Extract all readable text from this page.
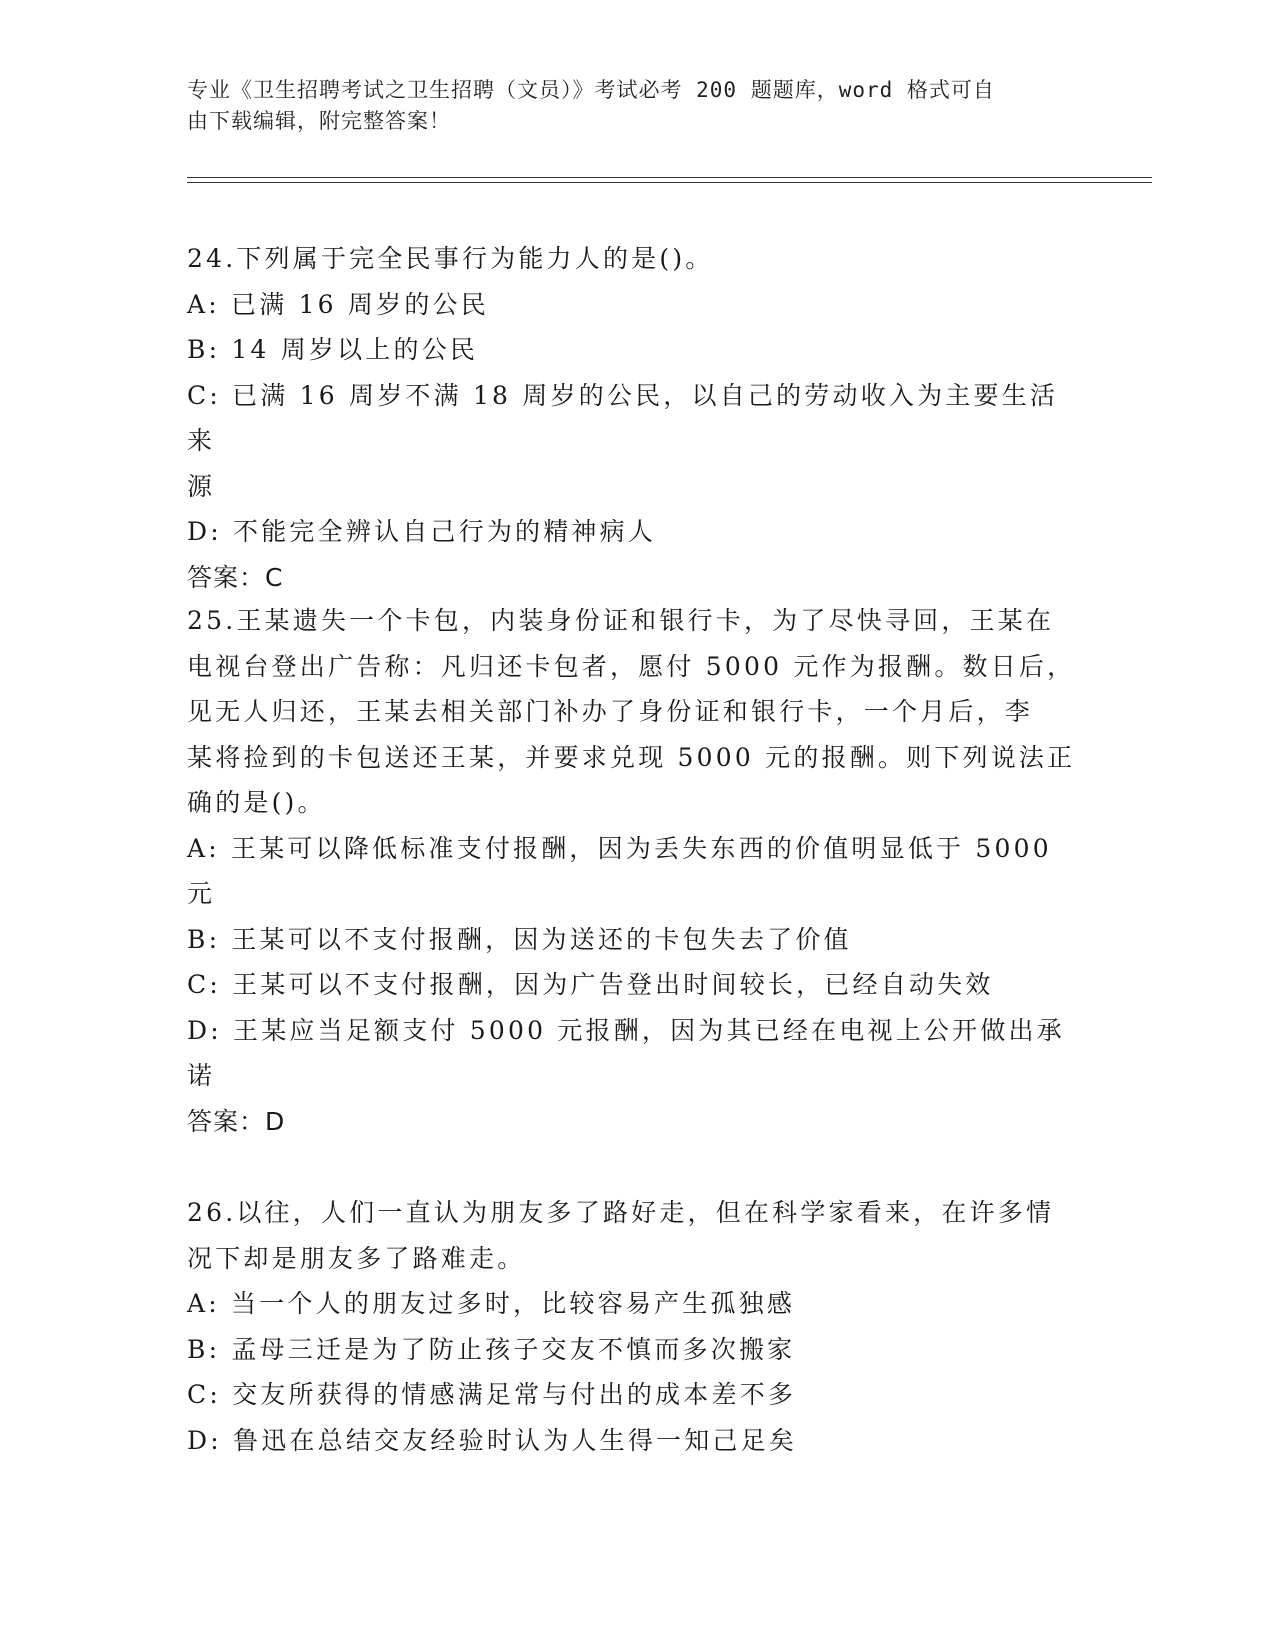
专业《卫生招聘考试之卫生招聘（文员）》考试必考 200 题题库，word 格式可自
由下载编辑，附完整答案！
24.下列属于完全民事行为能力人的是()。
A: 已满 16 周岁的公民
B: 14 周岁以上的公民
C: 已满 16 周岁不满 18 周岁的公民，以自己的劳动收入为主要生活来
源
D: 不能完全辨认自己行为的精神病人
答案：C
25.王某遗失一个卡包，内装身份证和银行卡，为了尽快寻回，王某在
电视台登出广告称：凡归还卡包者，愿付 5000 元作为报酬。数日后，
见无人归还，王某去相关部门补办了身份证和银行卡，一个月后，李
某将捡到的卡包送还王某，并要求兑现 5000 元的报酬。则下列说法正
确的是()。
A: 王某可以降低标准支付报酬，因为丢失东西的价值明显低于 5000
元
B: 王某可以不支付报酬，因为送还的卡包失去了价值
C: 王某可以不支付报酬，因为广告登出时间较长，已经自动失效
D: 王某应当足额支付 5000 元报酬，因为其已经在电视上公开做出承
诺
答案：D
26.以往，人们一直认为朋友多了路好走，但在科学家看来，在许多情
况下却是朋友多了路难走。
A: 当一个人的朋友过多时，比较容易产生孤独感
B: 孟母三迁是为了防止孩子交友不慎而多次搬家
C: 交友所获得的情感满足常与付出的成本差不多
D: 鲁迅在总结交友经验时认为人生得一知己足矣
